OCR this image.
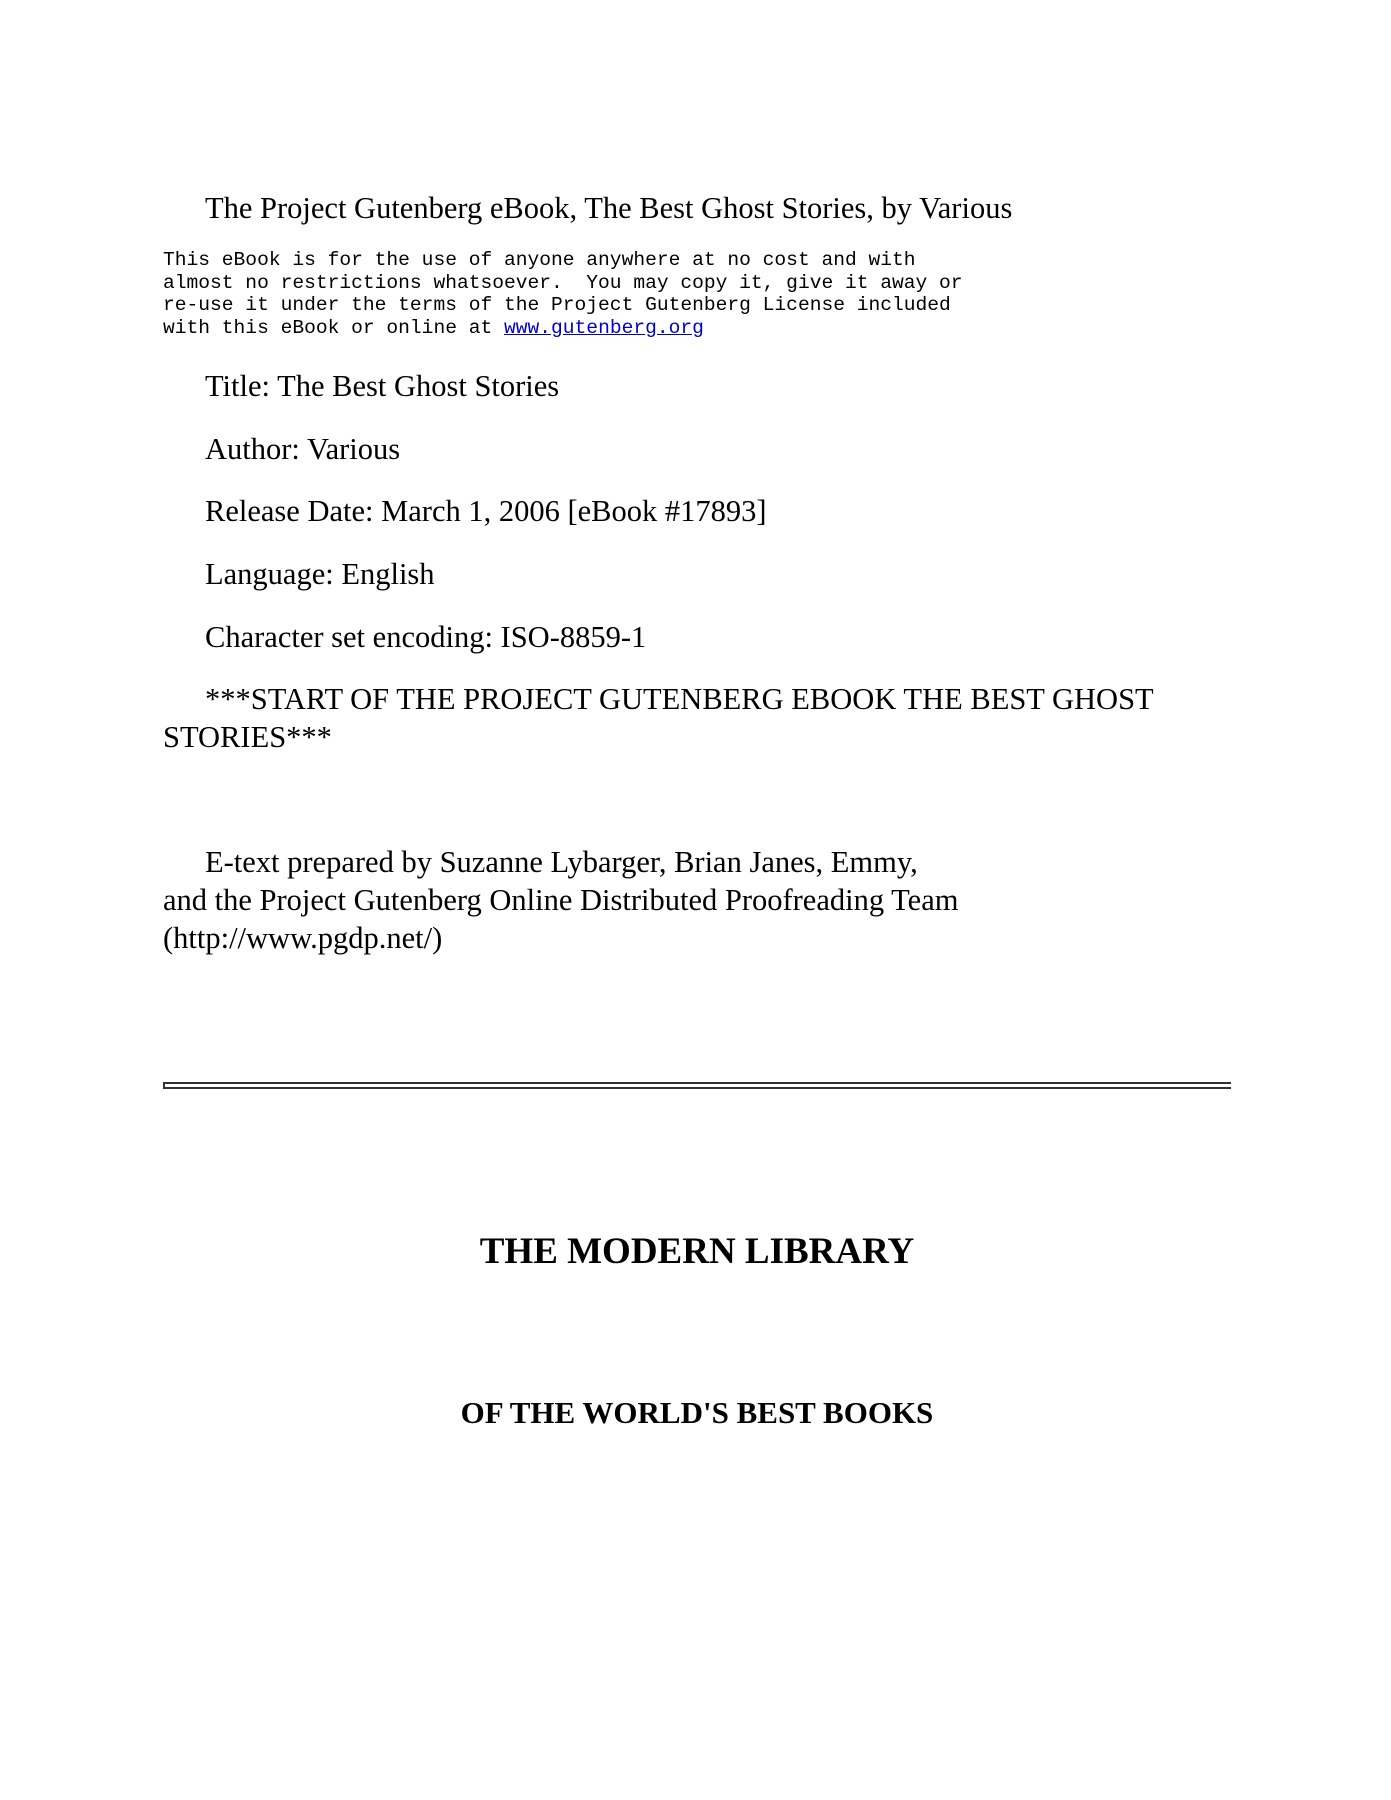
The Project Gutenberg eBook, The Best Ghost Stories, by Various

This eBook is for the use of anyone anywhere at no cost and with
almost no restrictions whatsoever.  You may copy it, give it away or
re-use it under the terms of the Project Gutenberg License included
with this eBook or online at www.gutenberg.org

Title: The Best Ghost Stories

Author: Various

Release Date: March 1, 2006 [eBook #17893]

Language: English

Character set encoding: ISO-8859-1

***START OF THE PROJECT GUTENBERG EBOOK THE BEST GHOST STORIES***

E-text prepared by Suzanne Lybarger, Brian Janes, Emmy,
and the Project Gutenberg Online Distributed Proofreading Team
(http://www.pgdp.net/)
THE MODERN LIBRARY
OF THE WORLD'S BEST BOOKS
